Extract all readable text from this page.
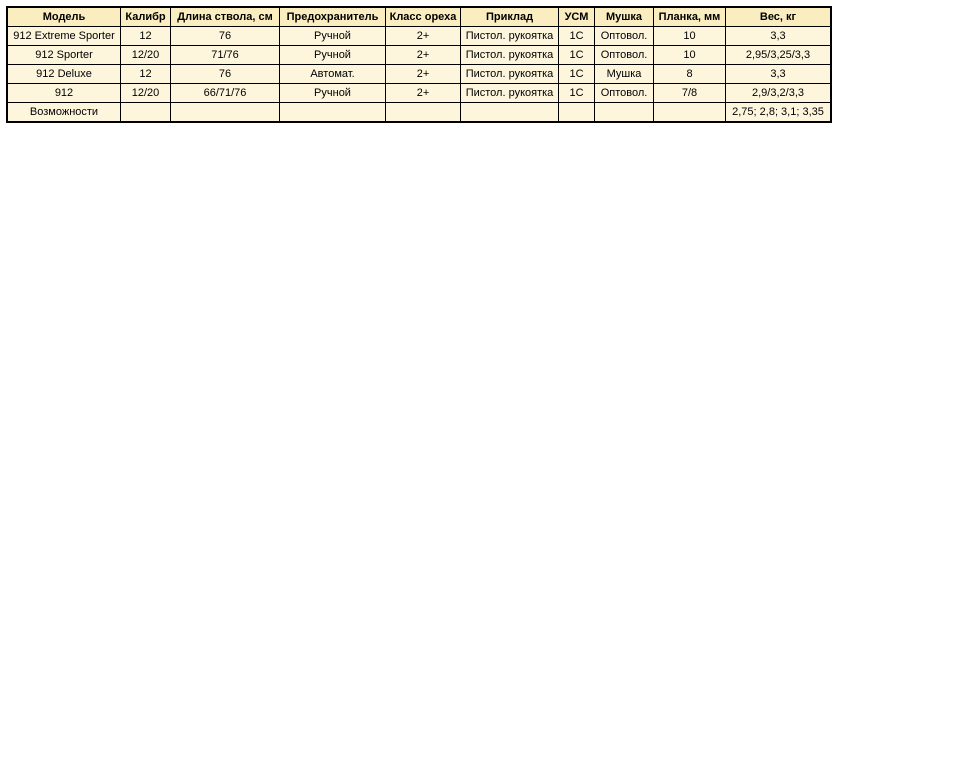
Модель	Калибр	Длина ствола, см	Предохранитель	Класс ореха	Приклад	УСМ	Мушка	Планка, мм	Вес, кг
912 Extreme Sporter	12	76	Ручной	2+	Пистол. рукоятка	1С	Оптовол.	10	3,3
912 Sporter	12/20	71/76	Ручной	2+	Пистол. рукоятка	1С	Оптовол.	10	2,95/3,25/3,3
912 Deluxe	12	76	Автомат.	2+	Пистол. рукоятка	1С	Мушка	8	3,3
912	12/20	66/71/76	Ручной	2+	Пистол. рукоятка	1С	Оптовол.	7/8	2,9/3,2/3,3
Возможности									2,75; 2,8; 3,1; 3,35
